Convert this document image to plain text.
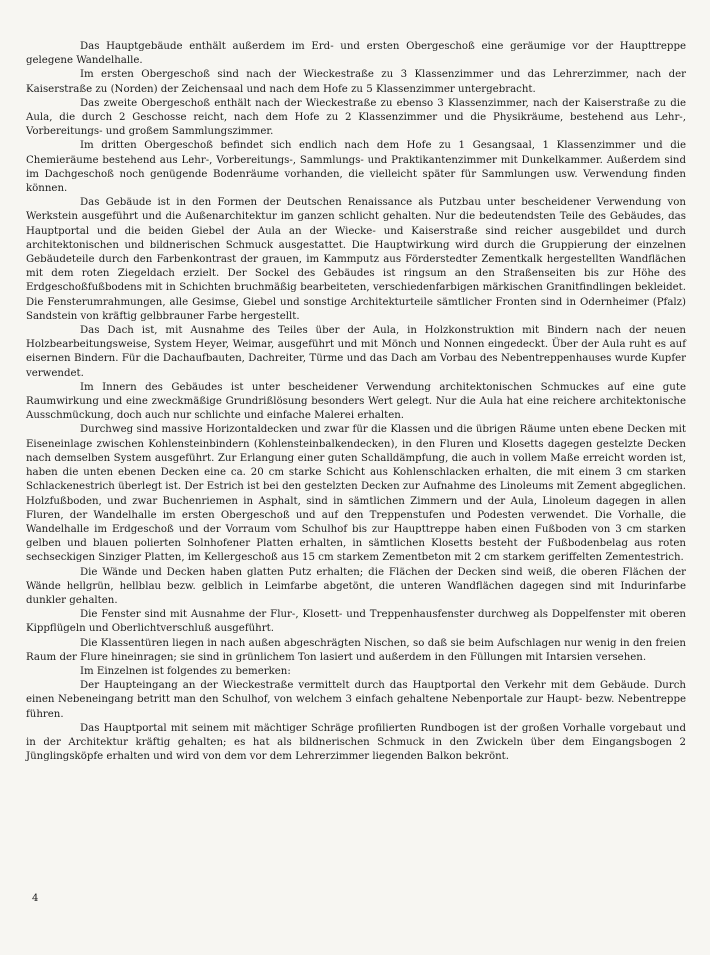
Das Hauptgebäude enthält außerdem im Erd- und ersten Obergeschoß eine geräumige vor der Haupttreppe gelegene Wandelhalle.

Im ersten Obergeschoß sind nach der Wieckestraße zu 3 Klassenzimmer und das Lehrerzimmer, nach der Kaiserstraße zu (Norden) der Zeichensaal und nach dem Hofe zu 5 Klassenzimmer untergebracht.

Das zweite Obergeschoß enthält nach der Wieckestraße zu ebenso 3 Klassenzimmer, nach der Kaiserstraße zu die Aula, die durch 2 Geschosse reicht, nach dem Hofe zu 2 Klassenzimmer und die Physikräume, bestehend aus Lehr-, Vorbereitungs- und großem Sammlungszimmer.

Im dritten Obergeschoß befindet sich endlich nach dem Hofe zu 1 Gesangsaal, 1 Klassenzimmer und die Chemieräume bestehend aus Lehr-, Vorbereitungs-, Sammlungs- und Praktikantenzimmer mit Dunkelkammer. Außerdem sind im Dachgeschoß noch genügende Bodenräume vorhanden, die vielleicht später für Sammlungen usw. Verwendung finden können.

Das Gebäude ist in den Formen der Deutschen Renaissance als Putzbau unter bescheidener Verwendung von Werkstein ausgeführt und die Außenarchitektur im ganzen schlicht gehalten. Nur die bedeutendsten Teile des Gebäudes, das Hauptportal und die beiden Giebel der Aula an der Wiecke- und Kaiserstraße sind reicher ausgebildet und durch architektonischen und bildnerischen Schmuck ausgestattet. Die Hauptwirkung wird durch die Gruppierung der einzelnen Gebäudeteile durch den Farbenkontrast der grauen, im Kammputz aus Förderstedter Zementkalk hergestellten Wandflächen mit dem roten Ziegeldach erzielt. Der Sockel des Gebäudes ist ringsum an den Straßenseiten bis zur Höhe des Erdgeschoßfußbodens mit in Schichten bruchmäßig bearbeiteten, verschiedenfarbigen märkischen Granitfindlingen bekleidet. Die Fensterumrahmungen, alle Gesimse, Giebel und sonstige Architekturteile sämtlicher Fronten sind in Odernheimer (Pfalz) Sandstein von kräftig gelbbrauner Farbe hergestellt.

Das Dach ist, mit Ausnahme des Teiles über der Aula, in Holzkonstruktion mit Bindern nach der neuen Holzbearbeitungsweise, System Heyer, Weimar, ausgeführt und mit Mönch und Nonnen eingedeckt. Über der Aula ruht es auf eisernen Bindern. Für die Dachaufbauten, Dachreiter, Türme und das Dach am Vorbau des Nebentreppenhauses wurde Kupfer verwendet.

Im Innern des Gebäudes ist unter bescheidener Verwendung architektonischen Schmuckes auf eine gute Raumwirkung und eine zweckmäßige Grundrißlösung besonders Wert gelegt. Nur die Aula hat eine reichere architektonische Ausschmückung, doch auch nur schlichte und einfache Malerei erhalten.

Durchweg sind massive Horizontaldecken und zwar für die Klassen und die übrigen Räume unten ebene Decken mit Eiseneinlage zwischen Kohlensteinbindern (Kohlensteinbalkendecken), in den Fluren und Klosetts dagegen gestelzte Decken nach demselben System ausgeführt. Zur Erlangung einer guten Schalldämpfung, die auch in vollem Maße erreicht worden ist, haben die unten ebenen Decken eine ca. 20 cm starke Schicht aus Kohlenschlacken erhalten, die mit einem 3 cm starken Schlackenestrich überlegt ist. Der Estrich ist bei den gestelzten Decken zur Aufnahme des Linoleums mit Zement abgeglichen. Holzfußboden, und zwar Buchenriemen in Asphalt, sind in sämtlichen Zimmern und der Aula, Linoleum dagegen in allen Fluren, der Wandelhalle im ersten Obergeschoß und auf den Treppenstufen und Podesten verwendet. Die Vorhalle, die Wandelhalle im Erdgeschoß und der Vorraum vom Schulhof bis zur Haupttreppe haben einen Fußboden von 3 cm starken gelben und blauen polierten Solnhofener Platten erhalten, in sämtlichen Klosetts besteht der Fußbodenbelag aus roten sechseckigen Sinziger Platten, im Kellergeschoß aus 15 cm starkem Zementbeton mit 2 cm starkem geriffelten Zementestrich.

Die Wände und Decken haben glatten Putz erhalten; die Flächen der Decken sind weiß, die oberen Flächen der Wände hellgrün, hellblau bezw. gelblich in Leimfarbe abgetönt, die unteren Wandflächen dagegen sind mit Indurinfarbe dunkler gehalten.

Die Fenster sind mit Ausnahme der Flur-, Klosett- und Treppenhausfenster durchweg als Doppelfenster mit oberen Kippflügeln und Oberlichtverschluß ausgeführt.

Die Klassentüren liegen in nach außen abgeschrägten Nischen, so daß sie beim Aufschlagen nur wenig in den freien Raum der Flure hineinragen; sie sind in grünlichem Ton lasiert und außerdem in den Füllungen mit Intarsien versehen.

Im Einzelnen ist folgendes zu bemerken:

Der Haupteingang an der Wieckestraße vermittelt durch das Hauptportal den Verkehr mit dem Gebäude. Durch einen Nebeneingang betritt man den Schulhof, von welchem 3 einfach gehaltene Nebenportale zur Haupt- bezw. Nebentreppe führen.

Das Hauptportal mit seinem mit mächtiger Schräge profilierten Rundbogen ist der großen Vorhalle vorgebaut und in der Architektur kräftig gehalten; es hat als bildnerischen Schmuck in den Zwickeln über dem Eingangsbogen 2 Jünglingsköpfe erhalten und wird von dem vor dem Lehrerzimmer liegenden Balkon bekrönt.

4
